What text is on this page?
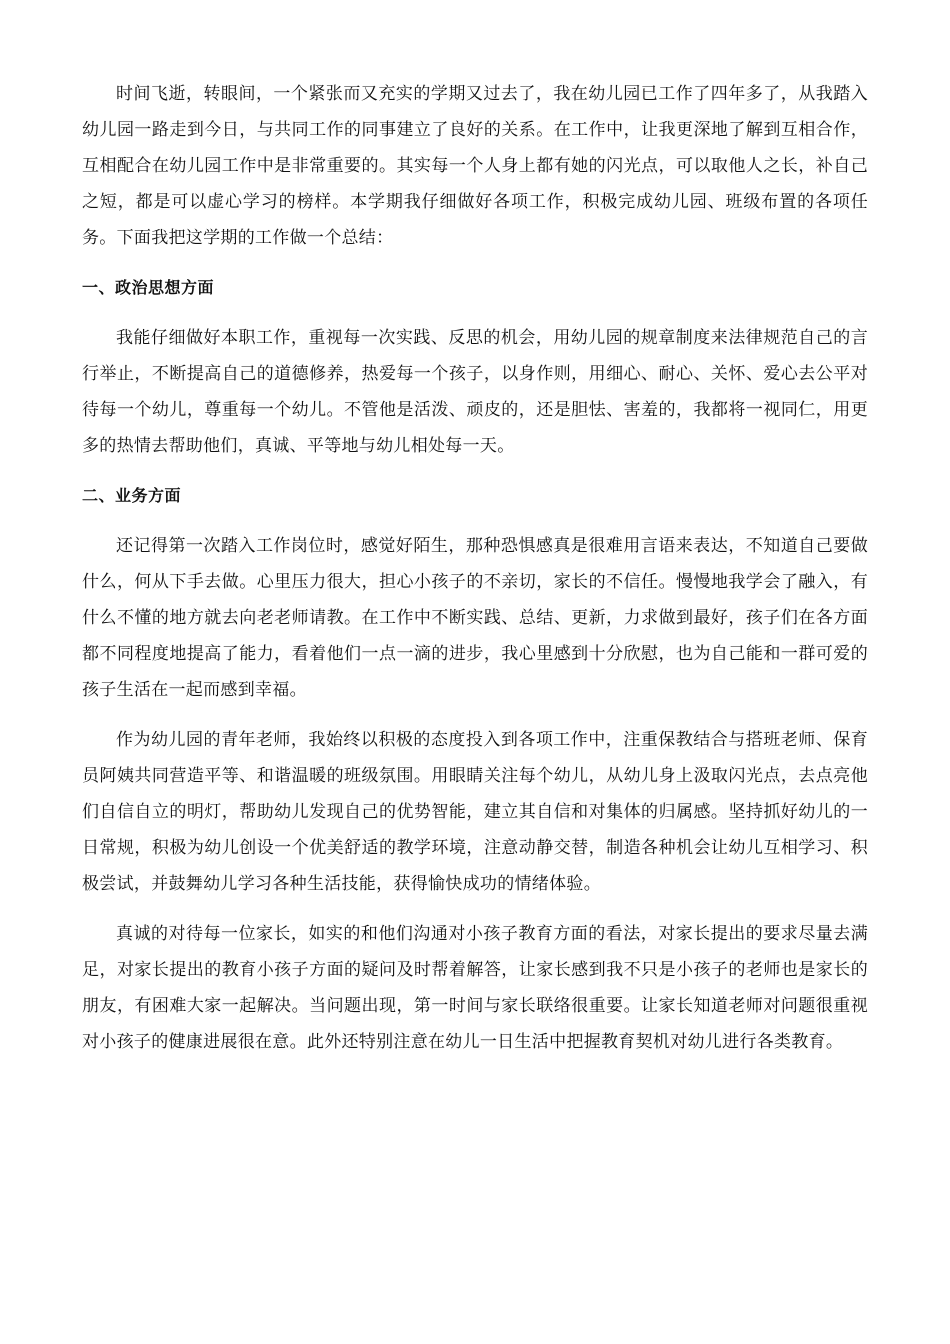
时间飞逝，转眼间，一个紧张而又充实的学期又过去了，我在幼儿园已工作了四年多了，从我踏入幼儿园一路走到今日，与共同工作的同事建立了良好的关系。在工作中，让我更深地了解到互相合作，互相配合在幼儿园工作中是非常重要的。其实每一个人身上都有她的闪光点，可以取他人之长，补自己之短，都是可以虚心学习的榜样。本学期我仔细做好各项工作，积极完成幼儿园、班级布置的各项任务。下面我把这学期的工作做一个总结：

一、政治思想方面

我能仔细做好本职工作，重视每一次实践、反思的机会，用幼儿园的规章制度来法律规范自己的言行举止，不断提高自己的道德修养，热爱每一个孩子，以身作则，用细心、耐心、关怀、爱心去公平对待每一个幼儿，尊重每一个幼儿。不管他是活泼、顽皮的，还是胆怯、害羞的，我都将一视同仁，用更多的热情去帮助他们，真诚、平等地与幼儿相处每一天。

二、业务方面

还记得第一次踏入工作岗位时，感觉好陌生，那种恐惧感真是很难用言语来表达，不知道自己要做什么，何从下手去做。心里压力很大，担心小孩子的不亲切，家长的不信任。慢慢地我学会了融入，有什么不懂的地方就去向老老师请教。在工作中不断实践、总结、更新，力求做到最好，孩子们在各方面都不同程度地提高了能力，看着他们一点一滴的进步，我心里感到十分欣慰，也为自己能和一群可爱的孩子生活在一起而感到幸福。

作为幼儿园的青年老师，我始终以积极的态度投入到各项工作中，注重保教结合与搭班老师、保育员阿姨共同营造平等、和谐温暖的班级氛围。用眼睛关注每个幼儿，从幼儿身上汲取闪光点，去点亮他们自信自立的明灯，帮助幼儿发现自己的优势智能，建立其自信和对集体的归属感。坚持抓好幼儿的一日常规，积极为幼儿创设一个优美舒适的教学环境，注意动静交替，制造各种机会让幼儿互相学习、积极尝试，并鼓舞幼儿学习各种生活技能，获得愉快成功的情绪体验。

真诚的对待每一位家长，如实的和他们沟通对小孩子教育方面的看法，对家长提出的要求尽量去满足，对家长提出的教育小孩子方面的疑问及时帮着解答，让家长感到我不只是小孩子的老师也是家长的朋友，有困难大家一起解决。当问题出现，第一时间与家长联络很重要。让家长知道老师对问题很重视对小孩子的健康进展很在意。此外还特别注意在幼儿一日生活中把握教育契机对幼儿进行各类教育。
